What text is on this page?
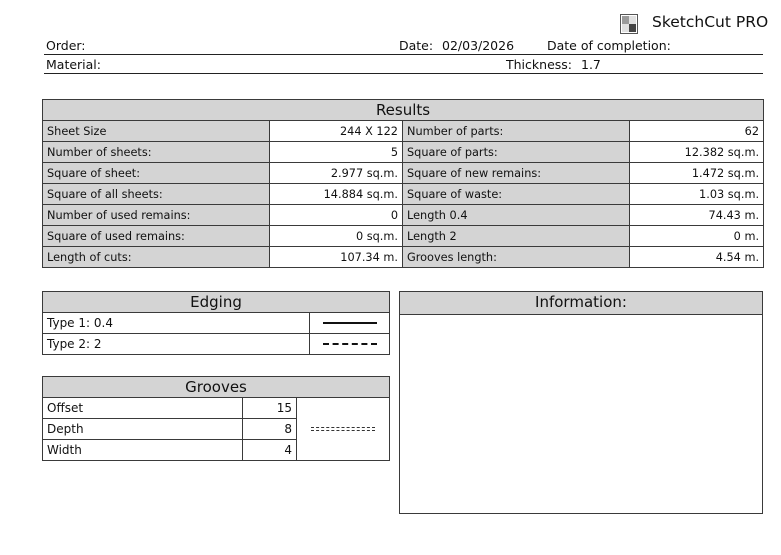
SketchCut PRO
Order:	Date: 02/03/2026	Date of completion:
Material:	Thickness: 1.7
Results			
Sheet Size	244 X 122	Number of parts:	62
Number of sheets:	5	Square of parts:	12.382 sq.m.
Square of sheet:	2.977 sq.m.	Square of new remains:	1.472 sq.m.
Square of all sheets:	14.884 sq.m.	Square of waste:	1.03 sq.m.
Number of used remains:	0	Length 0.4	74.43 m.
Square of used remains:	0 sq.m.	Length 2	0 m.
Length of cuts:	107.34 m.	Grooves length:	4.54 m.
Edging	
Type 1: 0.4	

Type 2: 2	
Grooves		
Offset	15	

Depth	8	
Width	4	
Information:
